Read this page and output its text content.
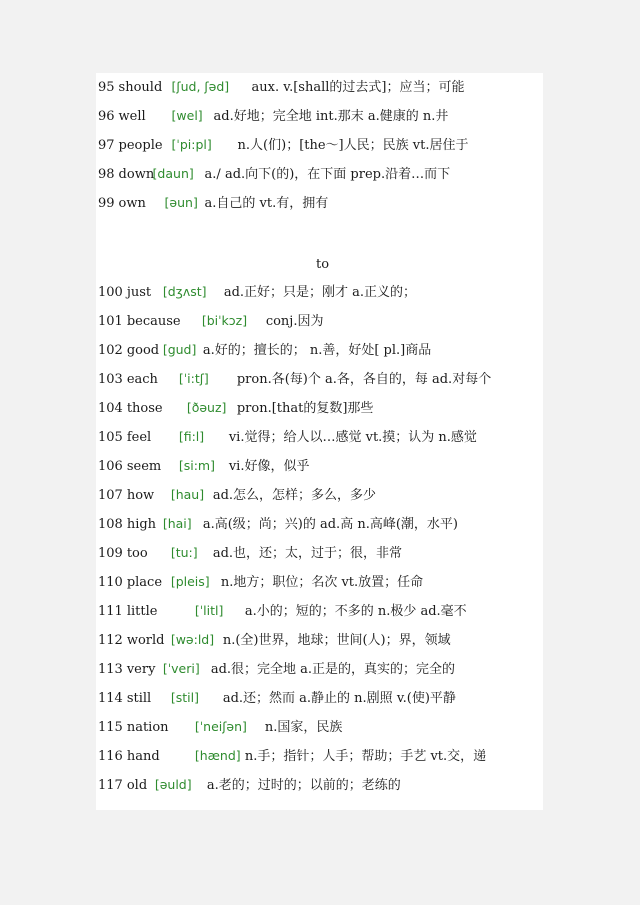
95 should [ʃud, ʃəd] aux. v.[shall的过去式]；应当；可能
96 well [wel] ad.好地；完全地 int.那末 a.健康的 n.井
97 people [ˈpi:pl] n.人(们)；[the～]人民；民族 vt.居住于
98 down[daun] a./ ad.向下(的)，在下面 prep.沿着…而下
99 own [əun] a.自己的 vt.有，拥有
to
100 just [dʒʌst] ad.正好；只是；刚才 a.正义的；
101 because [biˈkɔz] conj.因为
102 good [gud] a.好的；擅长的； n.善，好处[ pl.]商品
103 each [ˈi:tʃ] pron.各(每)个 a.各，各自的，每 ad.对每个
104 those [ðəuz] pron.[that的复数]那些
105 feel [fi:l] vi.觉得；给人以…感觉 vt.摸；认为 n.感觉
106 seem [si:m] vi.好像，似乎
107 how [hau] ad.怎么，怎样；多么，多少
108 high [hai] a.高(级；尚；兴)的 ad.高 n.高峰(潮，水平)
109 too [tu:] ad.也，还；太，过于；很，非常
110 place [pleis] n.地方；职位；名次 vt.放置；任命
111 little	[ˈlitl] a.小的；短的；不多的 n.极少 ad.毫不
112 world [wə:ld] n.(全)世界，地球；世间(人)；界，领域
113 very [ˈveri] ad.很；完全地 a.正是的，真实的；完全的
114 still [stil] ad.还；然而 a.静止的 n.剧照 v.(使)平静
115 nation [ˈneiʃən] n.国家，民族
116 hand	[hænd] n.手；指针；人手；帮助；手艺 vt.交，递
117 old [əuld] a.老的；过时的；以前的；老练的
